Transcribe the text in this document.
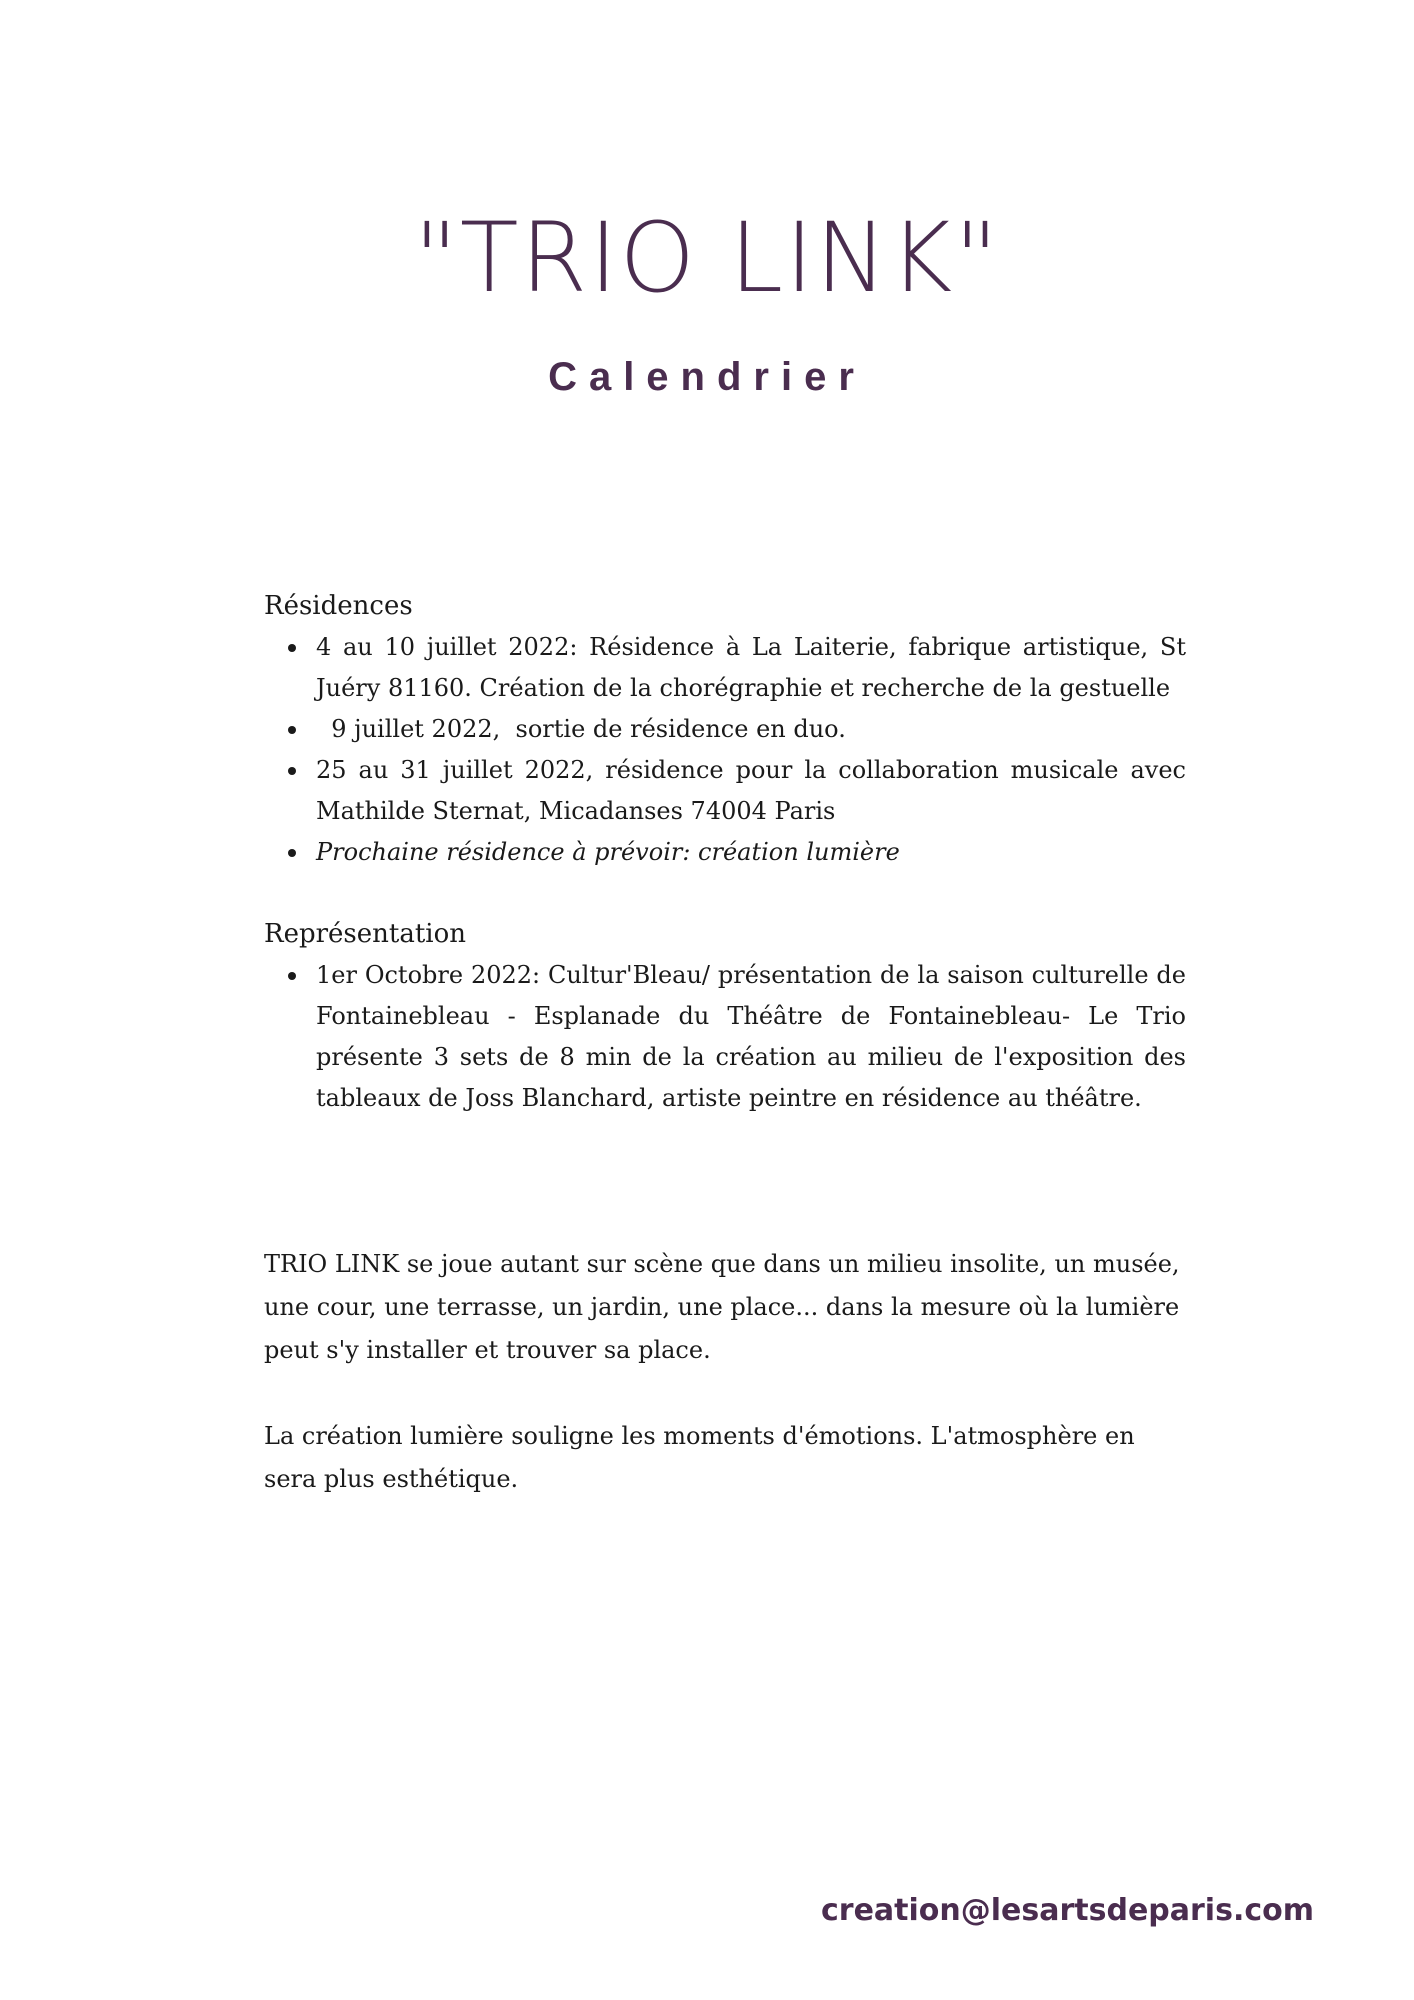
"TRIO LINK"
Calendrier
Résidences
4 au 10 juillet 2022: Résidence à La Laiterie, fabrique artistique, St Juéry 81160. Création de la chorégraphie et recherche de la gestuelle
9 juillet 2022,  sortie de résidence en duo.
25 au 31 juillet 2022, résidence pour la collaboration musicale avec Mathilde Sternat, Micadanses 74004 Paris
Prochaine résidence à prévoir: création lumière
Représentation
1er Octobre 2022: Cultur'Bleau/ présentation de la saison culturelle de Fontainebleau - Esplanade du Théâtre de Fontainebleau- Le Trio présente 3 sets de 8 min de la création au milieu de l'exposition des tableaux de Joss Blanchard, artiste peintre en résidence au théâtre.

TRIO LINK se joue autant sur scène que dans un milieu insolite, un musée, une cour, une terrasse, un jardin, une place... dans la mesure où la lumière peut s'y installer et trouver sa place.

La création lumière souligne les moments d'émotions. L'atmosphère en sera plus esthétique.

creation@lesartsdeparis.com
